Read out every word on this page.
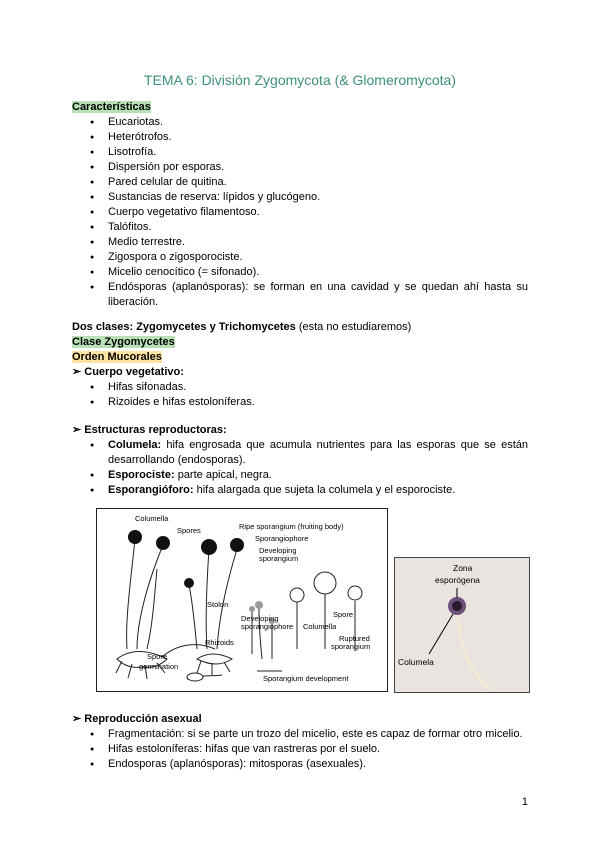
TEMA 6: División Zygomycota (& Glomeromycota)
Características
● Eucariotas.
● Heterótrofos.
● Lisotrofía.
● Dispersión por esporas.
● Pared celular de quitina.
● Sustancias de reserva: lípidos y glucógeno.
● Cuerpo vegetativo filamentoso.
● Talófitos.
● Medio terrestre.
● Zigospora o zigosporociste.
● Micelio cenocítico (= sifonado).
● Endósporas (aplanósporas): se forman en una cavidad y se quedan ahí hasta su liberación.
Dos clases: Zygomycetes y Trichomycetes (esta no estudiaremos)
Clase Zygomycetes
Orden Mucorales
➢ Cuerpo vegetativo:
● Hifas sifonadas.
● Rizoides e hifas estoloníferas.
➢ Estructuras reproductoras:
● Columela: hifa engrosada que acumula nutrientes para las esporas que se están desarrollando (endosporas).
● Esporociste: parte apical, negra.
● Esporangióforo: hifa alargada que sujeta la columela y el esporociste.
Columella
Spores	Ripe sporangium (fruiting body)
Sporangiophore
Developing
sporangium
Stolon
Developing
sporangiophore
Spore
Columella
Ruptured
sporangium
Rhizoids
Spore
germination
Sporangium development
Zona
esporógena
Columela
➢ Reproducción asexual
● Fragmentación: si se parte un trozo del micelio, este es capaz de formar otro micelio.
● Hifas estoloníferas: hifas que van rastreras por el suelo.
● Endosporas (aplanósporas): mitosporas (asexuales).
1
